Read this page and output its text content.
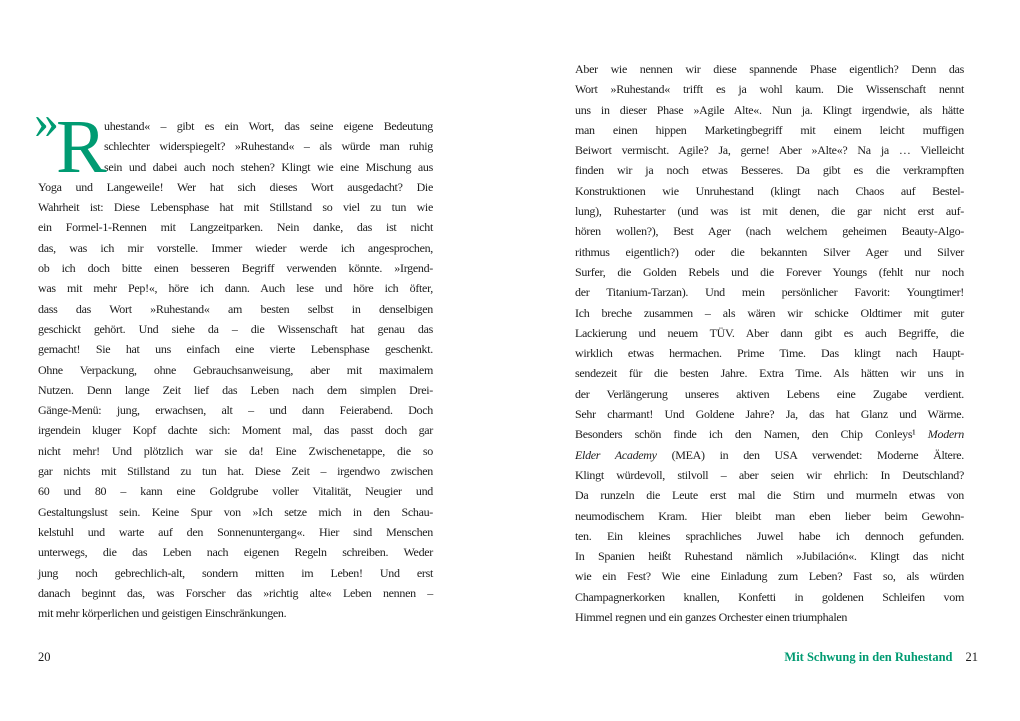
»
R
uhestand« – gibt es ein Wort, das seine eigene Bedeutung
schlechter widerspiegelt? »Ruhestand« – als würde man ruhig
sein und dabei auch noch stehen? Klingt wie eine Mischung aus
Yoga und Langeweile! Wer hat sich dieses Wort ausgedacht? Die
Wahrheit ist: Diese Lebensphase hat mit Stillstand so viel zu tun wie
ein Formel-1-Rennen mit Langzeitparken. Nein danke, das ist nicht
das, was ich mir vorstelle. Immer wieder werde ich angesprochen,
ob ich doch bitte einen besseren Begriff verwenden könnte. »Irgend-
was mit mehr Pep!«, höre ich dann. Auch lese und höre ich öfter,
dass das Wort »Ruhestand« am besten selbst in denselbigen
geschickt gehört. Und siehe da – die Wissenschaft hat genau das
gemacht! Sie hat uns einfach eine vierte Lebensphase geschenkt.
Ohne Verpackung, ohne Gebrauchsanweisung, aber mit maximalem
Nutzen. Denn lange Zeit lief das Leben nach dem simplen Drei-
Gänge-Menü: jung, erwachsen, alt – und dann Feierabend. Doch
irgendein kluger Kopf dachte sich: Moment mal, das passt doch gar
nicht mehr! Und plötzlich war sie da! Eine Zwischenetappe, die so
gar nichts mit Stillstand zu tun hat. Diese Zeit – irgendwo zwischen
60 und 80 – kann eine Goldgrube voller Vitalität, Neugier und
Gestaltungslust sein. Keine Spur von »Ich setze mich in den Schau-
kelstuhl und warte auf den Sonnenuntergang«. Hier sind Menschen
unterwegs, die das Leben nach eigenen Regeln schreiben. Weder
jung noch gebrechlich-alt, sondern mitten im Leben! Und erst
danach beginnt das, was Forscher das »richtig alte« Leben nennen –
mit mehr körperlichen und geistigen Einschränkungen.
20
Aber wie nennen wir diese spannende Phase eigentlich? Denn das
Wort »Ruhestand« trifft es ja wohl kaum. Die Wissenschaft nennt
uns in dieser Phase »Agile Alte«. Nun ja. Klingt irgendwie, als hätte
man einen hippen Marketingbegriff mit einem leicht muffigen
Beiwort vermischt. Agile? Ja, gerne! Aber »Alte«? Na ja … Vielleicht
finden wir ja noch etwas Besseres. Da gibt es die verkrampften
Konstruktionen wie Unruhestand (klingt nach Chaos auf Bestel-
lung), Ruhestarter (und was ist mit denen, die gar nicht erst auf-
hören wollen?), Best Ager (nach welchem geheimen Beauty-Algo-
rithmus eigentlich?) oder die bekannten Silver Ager und Silver
Surfer, die Golden Rebels und die Forever Youngs (fehlt nur noch
der Titanium-Tarzan). Und mein persönlicher Favorit: Youngtimer!
Ich breche zusammen – als wären wir schicke Oldtimer mit guter
Lackierung und neuem TÜV. Aber dann gibt es auch Begriffe, die
wirklich etwas hermachen. Prime Time. Das klingt nach Haupt-
sendezeit für die besten Jahre. Extra Time. Als hätten wir uns in
der Verlängerung unseres aktiven Lebens eine Zugabe verdient.
Sehr charmant! Und Goldene Jahre? Ja, das hat Glanz und Wärme.
Besonders schön finde ich den Namen, den Chip Conleys¹ Modern
Elder Academy (MEA) in den USA verwendet: Moderne Ältere.
Klingt würdevoll, stilvoll – aber seien wir ehrlich: In Deutschland?
Da runzeln die Leute erst mal die Stirn und murmeln etwas von
neumodischem Kram. Hier bleibt man eben lieber beim Gewohn-
ten. Ein kleines sprachliches Juwel habe ich dennoch gefunden.
In Spanien heißt Ruhestand nämlich »Jubilación«. Klingt das nicht
wie ein Fest? Wie eine Einladung zum Leben? Fast so, als würden
Champagnerkorken knallen, Konfetti in goldenen Schleifen vom
Himmel regnen und ein ganzes Orchester einen triumphalen
Mit Schwung in den Ruhestand 21
